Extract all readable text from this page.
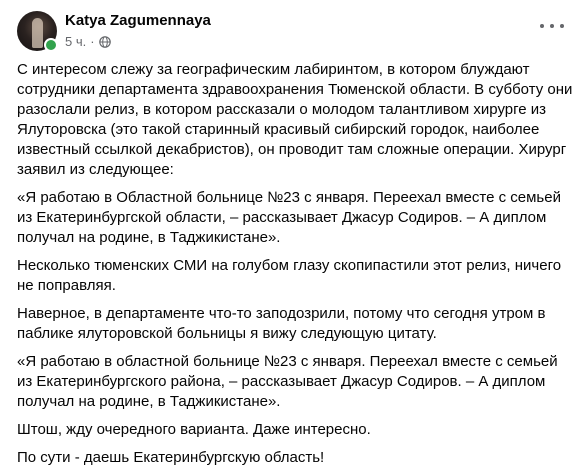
Katya Zagumennaya
5 ч. ·

С интересом слежу за географическим лабиринтом, в котором блуждают сотрудники департамента здравоохранения Тюменской области. В субботу они разослали релиз, в котором рассказали о молодом талантливом хирурге из Ялуторовска (это такой старинный красивый сибирский городок, наиболее известный ссылкой декабристов), он проводит там сложные операции. Хирург заявил из следующее:

«Я работаю в Областной больнице №23 с января. Переехал вместе с семьей из Екатеринбургской области, – рассказывает Джасур Содиров. – А диплом получал на родине, в Таджикистане».

Несколько тюменских СМИ на голубом глазу скопипастили этот релиз, ничего не поправляя.

Наверное, в департаменте что-то заподозрили, потому что сегодня утром в паблике ялуторовской больницы я вижу следующую цитату.

«Я работаю в областной больнице №23 с января. Переехал вместе с семьей из Екатеринбургского района, – рассказывает Джасур Содиров. – А диплом получал на родине, в Таджикистане».

Штош, жду очередного варианта. Даже интересно.

По сути - даешь Екатеринбургскую область!
